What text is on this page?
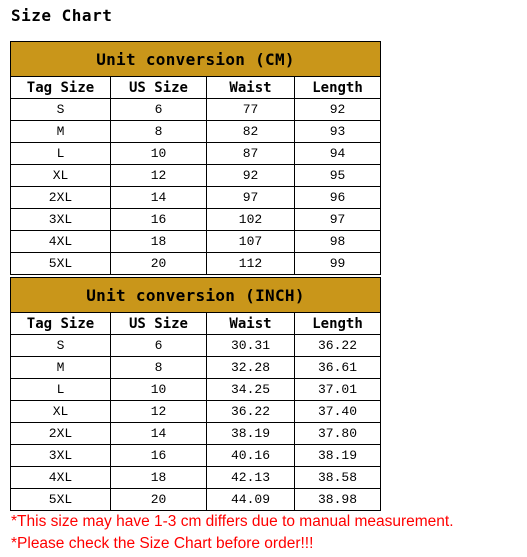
Size Chart
Unit conversion (CM)			
Tag Size	US Size	Waist	Length
S	6	77	92
M	8	82	93
L	10	87	94
XL	12	92	95
2XL	14	97	96
3XL	16	102	97
4XL	18	107	98
5XL	20	112	99
Unit conversion (INCH)			
Tag Size	US Size	Waist	Length
S	6	30.31	36.22
M	8	32.28	36.61
L	10	34.25	37.01
XL	12	36.22	37.40
2XL	14	38.19	37.80
3XL	16	40.16	38.19
4XL	18	42.13	38.58
5XL	20	44.09	38.98
*This size may have 1-3 cm differs due to manual measurement.
*Please check the Size Chart before order!!!
